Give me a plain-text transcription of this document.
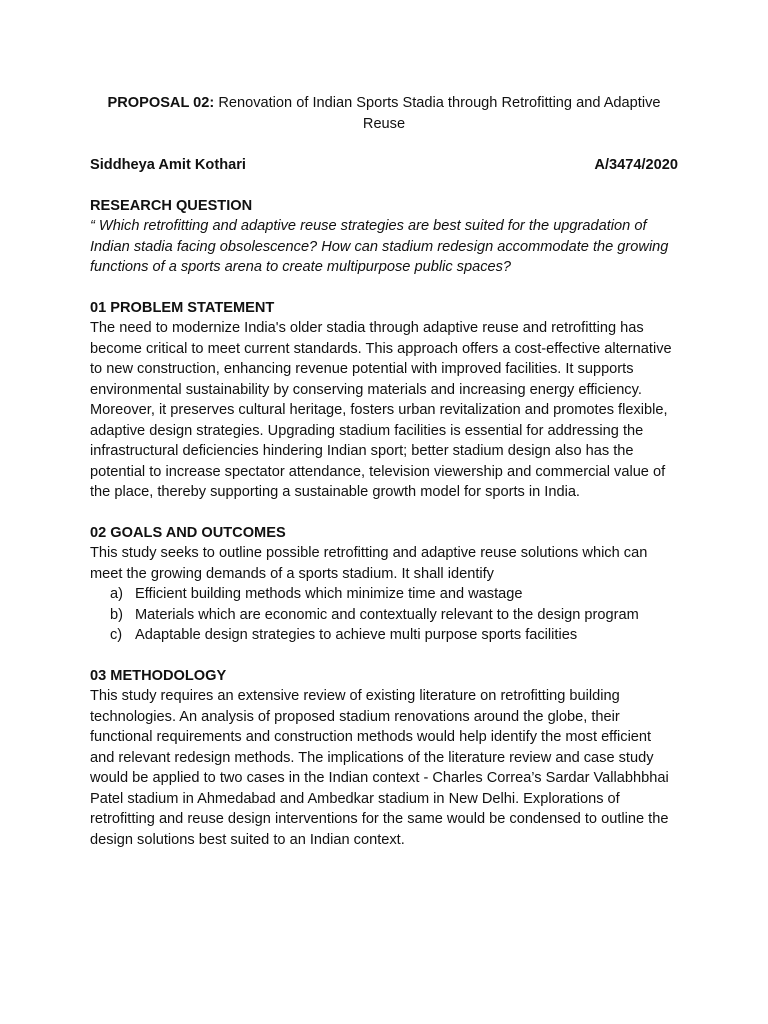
PROPOSAL 02: Renovation of Indian Sports Stadia through Retrofitting and Adaptive Reuse
Siddheya Amit Kothari	A/3474/2020
RESEARCH QUESTION

“ Which retrofitting and adaptive reuse strategies are best suited for the upgradation of Indian stadia facing obsolescence? How can stadium redesign accommodate the growing functions of a sports arena to create multipurpose public spaces?

01 PROBLEM STATEMENT

The need to modernize India's older stadia through adaptive reuse and retrofitting has become critical to meet current standards. This approach offers a cost-effective alternative to new construction, enhancing revenue potential with improved facilities. It supports environmental sustainability by conserving materials and increasing energy efficiency. Moreover, it preserves cultural heritage, fosters urban revitalization and promotes flexible, adaptive design strategies. Upgrading stadium facilities is essential for addressing the infrastructural deficiencies hindering Indian sport; better stadium design also has the potential to increase spectator attendance, television viewership and commercial value of the place, thereby supporting a sustainable growth model for sports in India.

02 GOALS AND OUTCOMES

This study seeks to outline possible retrofitting and adaptive reuse solutions which can meet the growing demands of a sports stadium. It shall identify

a) Efficient building methods which minimize time and wastage
b) Materials which are economic and contextually relevant to the design program
c) Adaptable design strategies to achieve multi purpose sports facilities
03 METHODOLOGY

This study requires an extensive review of existing literature on retrofitting building technologies. An analysis of proposed stadium renovations around the globe, their functional requirements and construction methods would help identify the most efficient and relevant redesign methods. The implications of the literature review and case study would be applied to two cases in the Indian context - Charles Correa’s Sardar Vallabhbhai Patel stadium in Ahmedabad and Ambedkar stadium in New Delhi. Explorations of retrofitting and reuse design interventions for the same would be condensed to outline the design solutions best suited to an Indian context.
